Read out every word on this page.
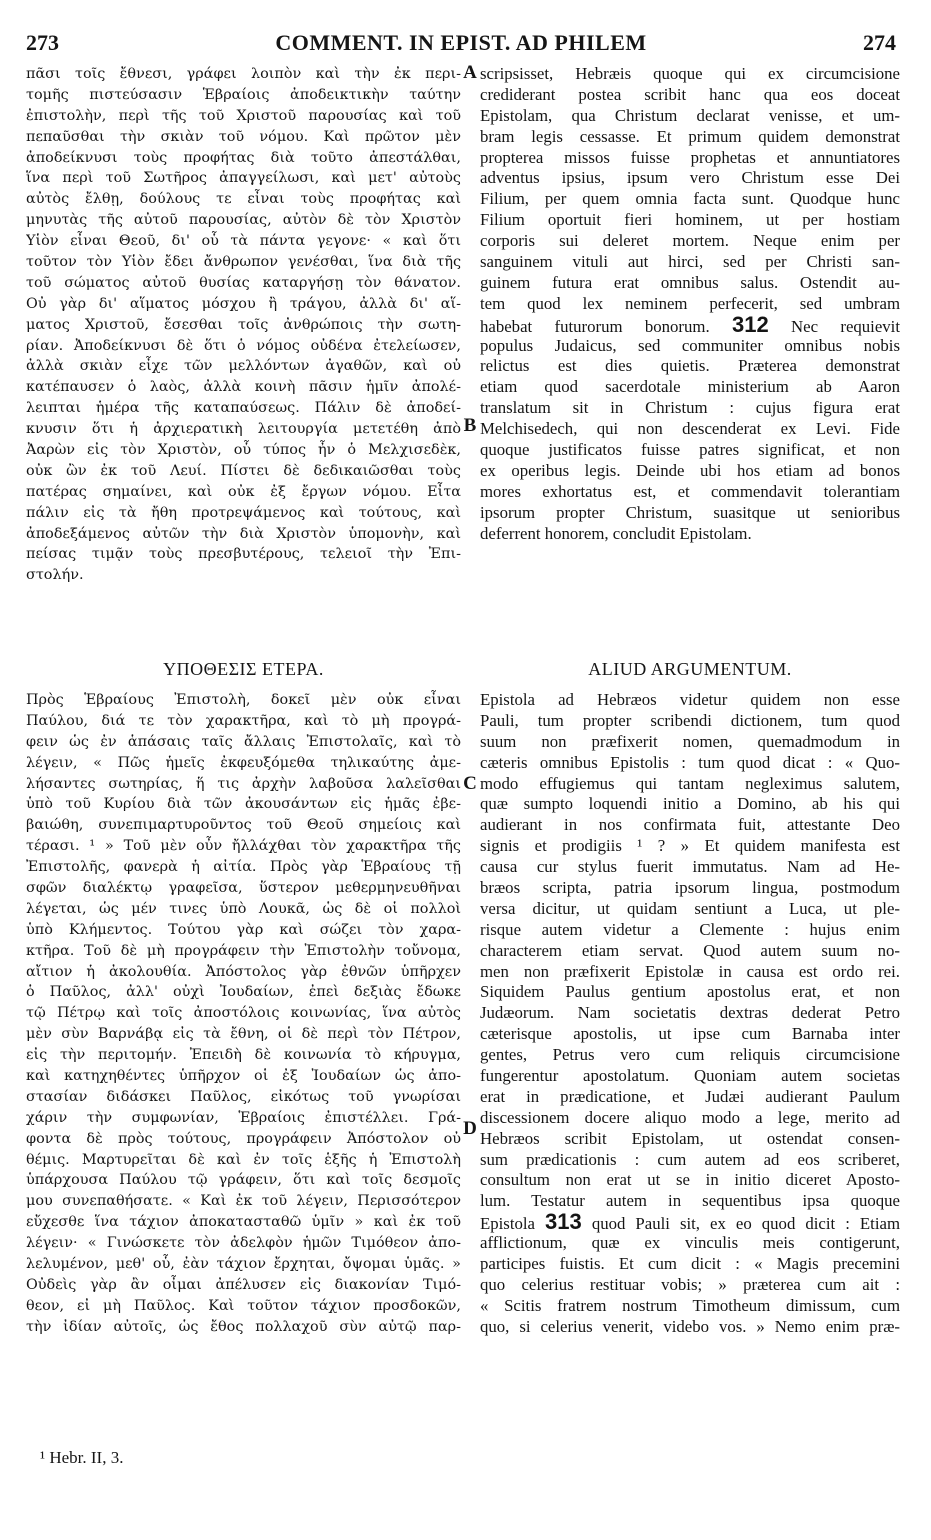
273	COMMENT. IN EPIST. AD PHILEM	274
πᾶσι τοῖς ἔθνεσι, γράφει λοιπὸν καὶ τὴν ἐκ περι-
τομῆς πιστεύσασιν Ἑβραίοις ἀποδεικτικὴν ταύτην
ἐπιστολὴν, περὶ τῆς τοῦ Χριστοῦ παρουσίας καὶ τοῦ
πεπαῦσθαι τὴν σκιὰν τοῦ νόμου. Καὶ πρῶτον μὲν
ἀποδείκνυσι τοὺς προφήτας διὰ τοῦτο ἀπεστάλθαι,
ἵνα περὶ τοῦ Σωτῆρος ἀπαγγείλωσι, καὶ μετ' αὐτοὺς
αὐτὸς ἔλθῃ, δούλους τε εἶναι τοὺς προφήτας καὶ
μηνυτὰς τῆς αὐτοῦ παρουσίας, αὐτὸν δὲ τὸν Χριστὸν
Υἱὸν εἶναι Θεοῦ, δι' οὗ τὰ πάντα γεγονε· « καὶ ὅτι
τοῦτον τὸν Υἱὸν ἔδει ἄνθρωπον γενέσθαι, ἵνα διὰ τῆς
τοῦ σώματος αὐτοῦ θυσίας καταργήσῃ τὸν θάνατον.
Οὐ γὰρ δι' αἵματος μόσχου ἢ τράγου, ἀλλὰ δι' αἵ-
ματος Χριστοῦ, ἔσεσθαι τοῖς ἀνθρώποις τὴν σωτη-
ρίαν. Ἀποδείκνυσι δὲ ὅτι ὁ νόμος οὐδένα ἐτελείωσεν,
ἀλλὰ σκιὰν εἶχε τῶν μελλόντων ἀγαθῶν, καὶ οὐ
κατέπαυσεν ὁ λαὸς, ἀλλὰ κοινὴ πᾶσιν ἡμῖν ἀπολέ-
λειπται ἡμέρα τῆς καταπαύσεως. Πάλιν δὲ ἀποδεί-
κνυσιν ὅτι ἡ ἀρχιερατικὴ λειτουργία μετετέθη ἀπὸ
Ἀαρὼν εἰς τὸν Χριστὸν, οὗ τύπος ἦν ὁ Μελχισεδὲκ,
οὐκ ὢν ἐκ τοῦ Λευί. Πίστει δὲ δεδικαιῶσθαι τοὺς
πατέρας σημαίνει, καὶ οὐκ ἐξ ἔργων νόμου. Εἶτα
πάλιν εἰς τὰ ἤθη προτρεψάμενος καὶ τούτους, καὶ
ἀποδεξάμενος αὐτῶν τὴν διὰ Χριστὸν ὑπομονὴν, καὶ
πείσας τιμᾷν τοὺς πρεσβυτέρους, τελειοῖ τὴν Ἐπι-
στολήν.
scripsisset, Hebræis quoque qui ex circumcisione
crediderant postea scribit hanc qua eos doceat
Epistolam, qua Christum declarat venisse, et um-
bram legis cessasse. Et primum quidem demonstrat
propterea missos fuisse prophetas et annuntiatores
adventus ipsius, ipsum vero Christum esse Dei
Filium, per quem omnia facta sunt. Quodque hunc
Filium oportuit fieri hominem, ut per hostiam
corporis sui deleret mortem. Neque enim per
sanguinem vituli aut hirci, sed per Christi san-
guinem futura erat omnibus salus. Ostendit au-
tem quod lex neminem perfecerit, sed umbram
habebat futurorum bonorum. 312 Nec requievit
populus Judaicus, sed communiter omnibus nobis
relictus est dies quietis. Præterea demonstrat
etiam quod sacerdotale ministerium ab Aaron
translatum sit in Christum : cujus figura erat
Melchisedech, qui non descenderat ex Levi. Fide
quoque justificatos fuisse patres significat, et non
ex operibus legis. Deinde ubi hos etiam ad bonos
mores exhortatus est, et commendavit tolerantiam
ipsorum propter Christum, suasitque ut senioribus
deferrent honorem, concludit Epistolam.
ΥΠΟΘΕΣΙΣ ΕΤΕΡΑ.	ALIUD ARGUMENTUM.
Πρὸς Ἑβραίους Ἐπιστολὴ, δοκεῖ μὲν οὐκ εἶναι
Παύλου, διά τε τὸν χαρακτῆρα, καὶ τὸ μὴ προγρά-
φειν ὡς ἐν ἁπάσαις ταῖς ἄλλαις Ἐπιστολαῖς, καὶ τὸ
λέγειν, « Πῶς ἡμεῖς ἐκφευξόμεθα τηλικαύτης ἀμε-
λήσαντες σωτηρίας, ἥ τις ἀρχὴν λαβοῦσα λαλεῖσθαι
ὑπὸ τοῦ Κυρίου διὰ τῶν ἀκουσάντων εἰς ἡμᾶς ἐβε-
βαιώθη, συνεπιμαρτυροῦντος τοῦ Θεοῦ σημείοις καὶ
τέρασι. ¹ » Τοῦ μὲν οὖν ἤλλάχθαι τὸν χαρακτῆρα τῆς
Ἐπιστολῆς, φανερὰ ἡ αἰτία. Πρὸς γὰρ Ἑβραίους τῇ
σφῶν διαλέκτῳ γραφεῖσα, ὕστερον μεθερμηνευθῆναι
λέγεται, ὡς μέν τινες ὑπὸ Λουκᾶ, ὡς δὲ οἱ πολλοὶ
ὑπὸ Κλήμεντος. Τούτου γὰρ καὶ σώζει τὸν χαρα-
κτῆρα. Τοῦ δὲ μὴ προγράφειν τὴν Ἐπιστολὴν τοὔνομα,
αἴτιον ἡ ἀκολουθία. Ἀπόστολος γὰρ ἐθνῶν ὑπῆρχεν
ὁ Παῦλος, ἀλλ' οὐχὶ Ἰουδαίων, ἐπεὶ δεξιὰς ἔδωκε
τῷ Πέτρῳ καὶ τοῖς ἀποστόλοις κοινωνίας, ἵνα αὐτὸς
μὲν σὺν Βαρνάβᾳ εἰς τὰ ἔθνη, οἱ δὲ περὶ τὸν Πέτρον,
εἰς τὴν περιτομήν. Ἐπειδὴ δὲ κοινωνία τὸ κήρυγμα,
καὶ κατηχηθέντες ὑπῆρχον οἱ ἐξ Ἰουδαίων ὡς ἀπο-
στασίαν διδάσκει Παῦλος, εἰκότως τοῦ γνωρίσαι
χάριν τὴν συμφωνίαν, Ἑβραίοις ἐπιστέλλει. Γρά-
φοντα δὲ πρὸς τούτους, προγράφειν Ἀπόστολον οὐ
θέμις. Μαρτυρεῖται δὲ καὶ ἐν τοῖς ἑξῆς ἡ Ἐπιστολὴ
ὑπάρχουσα Παύλου τῷ γράφειν, ὅτι καὶ τοῖς δεσμοῖς
μου συνεπαθήσατε. « Καὶ ἐκ τοῦ λέγειν, Περισσότερον
εὔχεσθε ἵνα τάχιον ἀποκατασταθῶ ὑμῖν » καὶ ἐκ τοῦ
λέγειν· « Γινώσκετε τὸν ἀδελφὸν ἡμῶν Τιμόθεον ἀπο-
λελυμένον, μεθ' οὗ, ἐὰν τάχιον ἔρχηται, ὄψομαι ὑμᾶς. »
Οὐδεὶς γὰρ ἂν οἶμαι ἀπέλυσεν εἰς διακονίαν Τιμό-
θεον, εἰ μὴ Παῦλος. Καὶ τοῦτον τάχιον προσδοκῶν,
τὴν ἰδίαν αὐτοῖς, ὡς ἔθος πολλαχοῦ σὺν αὐτῷ παρ-
Epistola ad Hebræos videtur quidem non esse
Pauli, tum propter scribendi dictionem, tum quod
suum non præfixerit nomen, quemadmodum in
cæteris omnibus Epistolis : tum quod dicat : « Quo-
modo effugiemus qui tantam negleximus salutem,
quæ sumpto loquendi initio a Domino, ab his qui
audierant in nos confirmata fuit, attestante Deo
signis et prodigiis ¹ ? » Et quidem manifesta est
causa cur stylus fuerit immutatus. Nam ad He-
bræos scripta, patria ipsorum lingua, postmodum
versa dicitur, ut quidam sentiunt a Luca, ut ple-
risque autem videtur a Clemente : hujus enim
characterem etiam servat. Quod autem suum no-
men non præfixerit Epistolæ in causa est ordo rei.
Siquidem Paulus gentium apostolus erat, et non
Judæorum. Nam societatis dextras dederat Petro
cæterisque apostolis, ut ipse cum Barnaba inter
gentes, Petrus vero cum reliquis circumcisione
fungerentur apostolatum. Quoniam autem societas
erat in prædicatione, et Judæi audierant Paulum
discessionem docere aliquo modo a lege, merito ad
Hebræos scribit Epistolam, ut ostendat consen-
sum prædicationis : cum autem ad eos scriberet,
consultum non erat ut se in initio diceret Aposto-
lum. Testatur autem in sequentibus ipsa quoque
Epistola 313 quod Pauli sit, ex eo quod dicit : Etiam
afflictionum, quæ ex vinculis meis contigerunt,
participes fuistis. Et cum dicit : « Magis precemini
quo celerius restituar vobis; » præterea cum ait :
« Scitis fratrem nostrum Timotheum dimissum, cum
quo, si celerius venerit, videbo vos. » Nemo enim præ-
A
B
C
D
¹ Hebr. II, 3.
